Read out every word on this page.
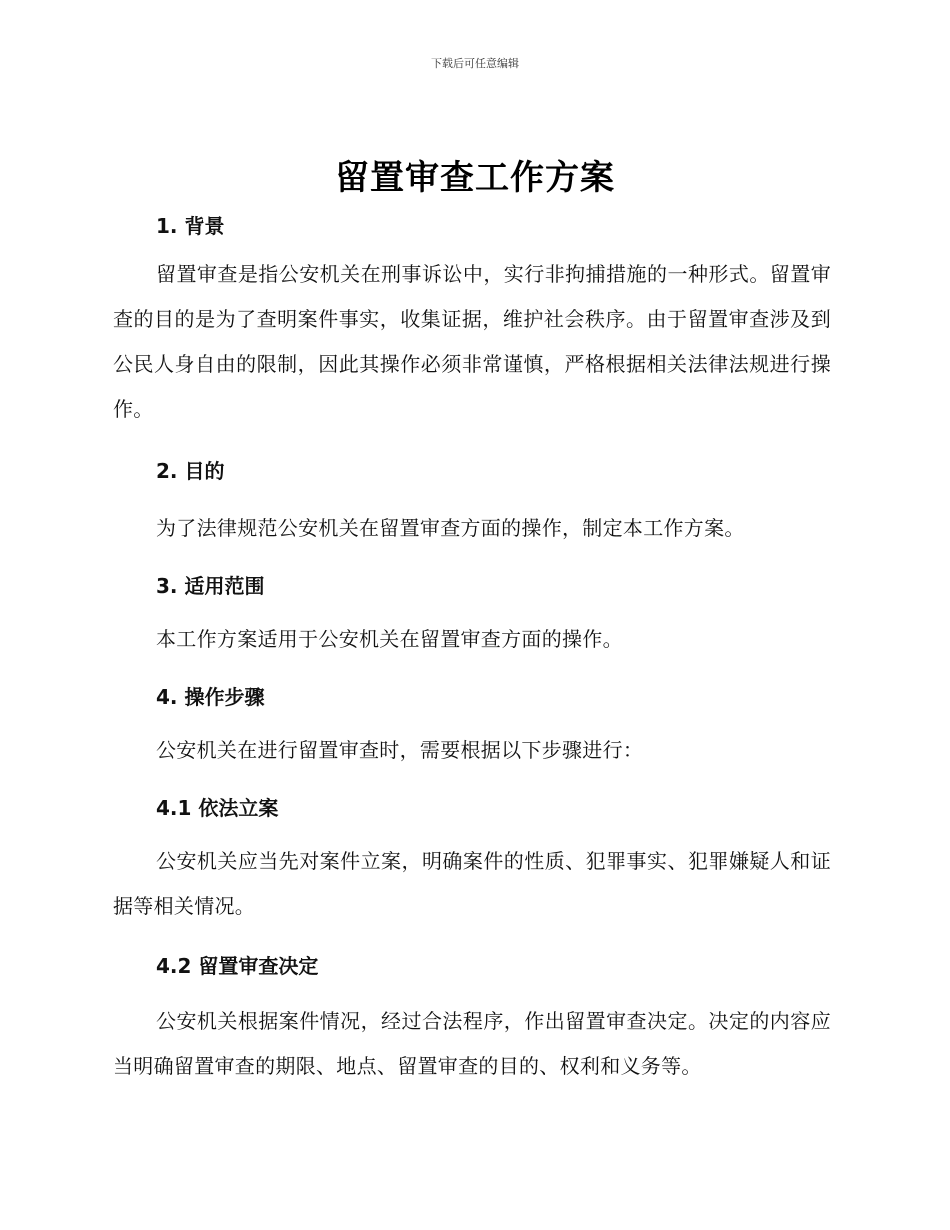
下载后可任意编辑
留置审查工作方案
1. 背景

留置审查是指公安机关在刑事诉讼中，实行非拘捕措施的一种形式。留置审查的目的是为了查明案件事实，收集证据，维护社会秩序。由于留置审查涉及到公民人身自由的限制，因此其操作必须非常谨慎，严格根据相关法律法规进行操作。

2. 目的

为了法律规范公安机关在留置审查方面的操作，制定本工作方案。

3. 适用范围

本工作方案适用于公安机关在留置审查方面的操作。

4. 操作步骤

公安机关在进行留置审查时，需要根据以下步骤进行：

4.1 依法立案

公安机关应当先对案件立案，明确案件的性质、犯罪事实、犯罪嫌疑人和证据等相关情况。

4.2 留置审查决定

公安机关根据案件情况，经过合法程序，作出留置审查决定。决定的内容应当明确留置审查的期限、地点、留置审查的目的、权利和义务等。
